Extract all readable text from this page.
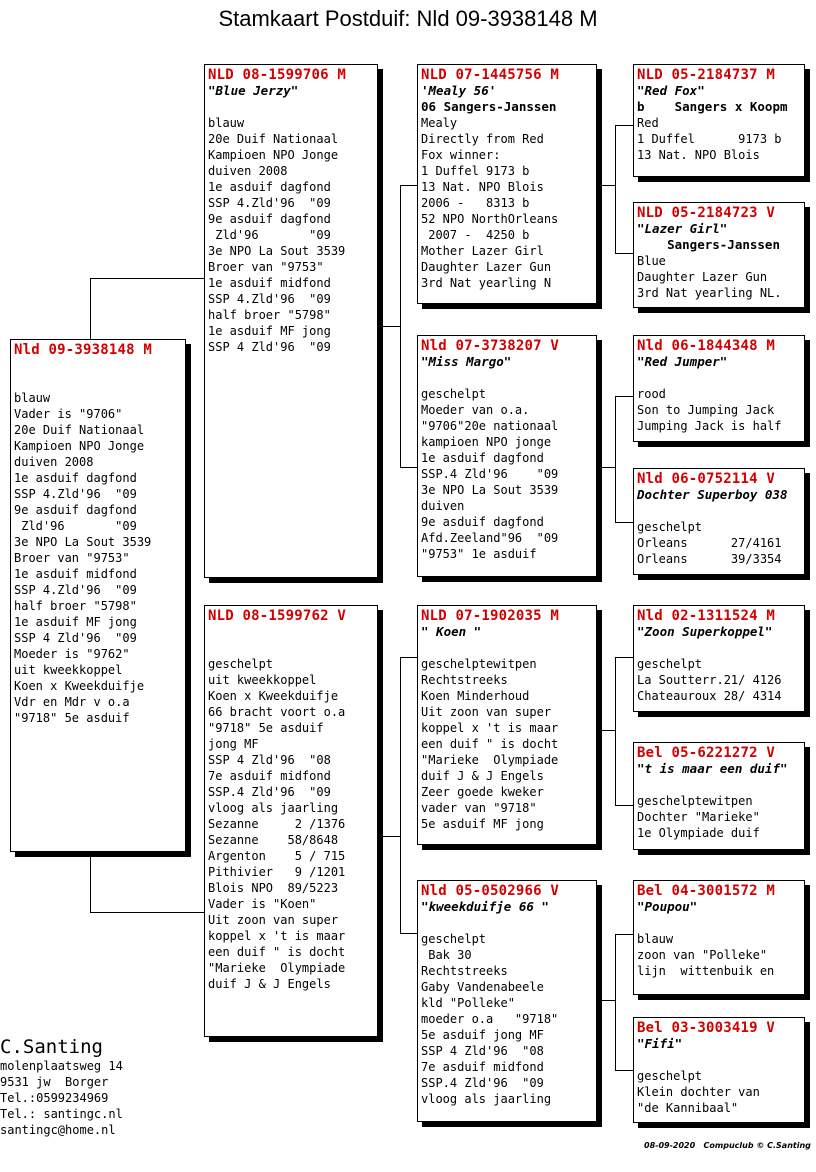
Stamkaart Postduif: Nld 09-3938148 M
Nld 09-3938148 M
blauw
Vader is "9706"
20e Duif Nationaal
Kampioen NPO Jonge
duiven 2008
1e asduif dagfond
SSP 4.Zld'96  "09
9e asduif dagfond
Zld'96       "09
3e NPO La Sout 3539
Broer van "9753"
1e asduif midfond
SSP 4.Zld'96  "09
half broer "5798"
1e asduif MF jong
SSP 4 Zld'96  "09
Moeder is "9762"
uit kweekkoppel
Koen x Kweekduifje
Vdr en Mdr v o.a
"9718" 5e asduif
NLD 08-1599706 M
"Blue Jerzy"
blauw
20e Duif Nationaal
Kampioen NPO Jonge
duiven 2008
1e asduif dagfond
SSP 4.Zld'96  "09
9e asduif dagfond
Zld'96       "09
3e NPO La Sout 3539
Broer van "9753"
1e asduif midfond
SSP 4.Zld'96  "09
half broer "5798"
1e asduif MF jong
SSP 4 Zld'96  "09
NLD 08-1599762 V
geschelpt
uit kweekkoppel
Koen x Kweekduifje
66 bracht voort o.a
"9718" 5e asduif
jong MF
SSP 4 Zld'96  "08
7e asduif midfond
SSP.4 Zld'96  "09
vloog als jaarling
Sezanne     2 /1376
Sezanne    58/8648
Argenton    5 / 715
Pithivier   9 /1201
Blois NPO  89/5223
Vader is "Koen"
Uit zoon van super
koppel x 't is maar
een duif " is docht
"Marieke  Olympiade
duif J & J Engels
NLD 07-1445756 M
'Mealy 56'
06 Sangers-Janssen
Mealy
Directly from Red
Fox winner:
1 Duffel 9173 b
13 Nat. NPO Blois
2006 -   8313 b
52 NPO NorthOrleans
2007 -  4250 b
Mother Lazer Girl
Daughter Lazer Gun
3rd Nat yearling N
Nld 07-3738207 V
"Miss Margo"
geschelpt
Moeder van o.a.
"9706"20e nationaal
kampioen NPO jonge
1e asduif dagfond
SSP.4 Zld'96    "09
3e NPO La Sout 3539
duiven
9e asduif dagfond
Afd.Zeeland"96  "09
"9753" 1e asduif
NLD 07-1902035 M
" Koen "
geschelptewitpen
Rechtstreeks
Koen Minderhoud
Uit zoon van super
koppel x 't is maar
een duif " is docht
"Marieke  Olympiade
duif J & J Engels
Zeer goede kweker
vader van "9718"
5e asduif MF jong
Nld 05-0502966 V
"kweekduifje 66 "
geschelpt
Bak 30
Rechtstreeks
Gaby Vandenabeele
kld "Polleke"
moeder o.a   "9718"
5e asduif jong MF
SSP 4 Zld'96  "08
7e asduif midfond
SSP.4 Zld'96  "09
vloog als jaarling
NLD 05-2184737 M
"Red Fox"
b    Sangers x Koopm
Red
1 Duffel      9173 b
13 Nat. NPO Blois
NLD 05-2184723 V
"Lazer Girl"
Sangers-Janssen
Blue
Daughter Lazer Gun
3rd Nat yearling NL.
Nld 06-1844348 M
"Red Jumper"
rood
Son to Jumping Jack
Jumping Jack is half
Nld 06-0752114 V
Dochter Superboy 038
geschelpt
Orleans      27/4161
Orleans      39/3354
Nld 02-1311524 M
"Zoon Superkoppel"
geschelpt
La Soutterr.21/ 4126
Chateauroux 28/ 4314
Bel 05-6221272 V
"t is maar een duif"
geschelptewitpen
Dochter "Marieke"
1e Olympiade duif
Bel 04-3001572 M
"Poupou"
blauw
zoon van "Polleke"
lijn  wittenbuik en
Bel 03-3003419 V
"Fifi"
geschelpt
Klein dochter van
"de Kannibaal"
C.Santing
molenplaatsweg 14
9531 jw  Borger
Tel.:0599234969
Tel.: santingc.nl
santingc@home.nl
08-09-2020   Compuclub © C.Santing
